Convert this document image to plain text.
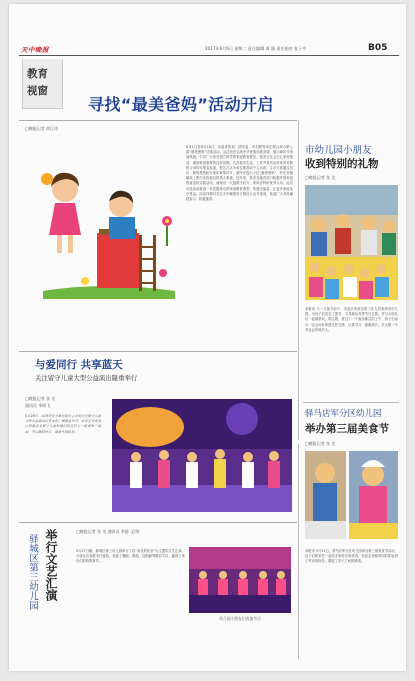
天中晚报	2017年6月6日 星期二 责任编辑 周 涵 责任校对 张子亨	B05
教育
视窗
寻找“最美爸妈”活动开启
□晚报记者 胡江涛
6月1日至6月18日，市委宣传部、团市委、市妇联等单位联合举办第七届“最美爸妈”评选活动。活动旨在弘扬中华民族传统美德，展示新时代家庭风貌，引导广大家长树立科学的家庭教育观念，营造全社会关心家庭建设、重视家庭教育的良好氛围。凡在我市生活、工作并具有良好家风家教的父母均可报名参加，报名方式为单位推荐或个人自荐。主办方将通过初评、网络投票和专家评审等环节，最终评选出十位“最美爸妈”，并在市级媒体上集中宣传他们的感人事迹。近年来，我市各级各部门积极开展家庭教育宣传实践活动，涌现出一大批教子有方、家风淳朴的优秀父母。此次评选活动将进一步挖掘身边的家庭教育典型，传递正能量，让更多家庭从中受益。活动详情可关注天中晚报官方微信公众号查询，欢迎广大市民踊跃参与、积极推荐。
市幼儿园小朋友
收到特别的礼物
□晚报记者 张 龙
本报讯 六一儿童节前夕，市直多家单位的工作人员来到市幼儿园，为孩子们送去了图书、文具和玩具等节日礼物，并与小朋友们一起做游戏、唱儿歌，度过了一个欢乐难忘的上午。孩子们表示一定会好好珍惜这些礼物，认真学习、健康成长，长大做一个对社会有用的人。
与爱同行 共享蓝天
关注留守儿童大型公益演出隆重举行
□晚报记者 张 龙
通讯员 李明飞
5月28日，由我市有关单位联合主办的关注留守儿童大型公益演出在市文化广场隆重举行。来自全市各县区的数百名留守儿童和他们的监护人一起观看了演出，节目精彩纷呈，现场气氛热烈。
驿马店军分区幼儿园
举办第三届美食节
□晚报记者 张 龙
本报讯 5月31日，驿马店军分区幼儿园举办第三届美食节活动，孩子们和家长一起动手制作各种美食，在品尝美味的同时体验到了劳动的快乐，增进了亲子之间的感情。
驿城区第三幼儿园 举行文艺汇演	□晚报记者 张 龙 通讯员 李静 文/图
5月27日晚，驿城区第三幼儿园举行了以“成长的快乐”为主题的文艺汇演。小朋友们身着节日盛装，表演了舞蹈、歌曲、诗朗诵等精彩节目，赢得了家长们的阵阵掌声。
幼儿园小朋友们表演节目
